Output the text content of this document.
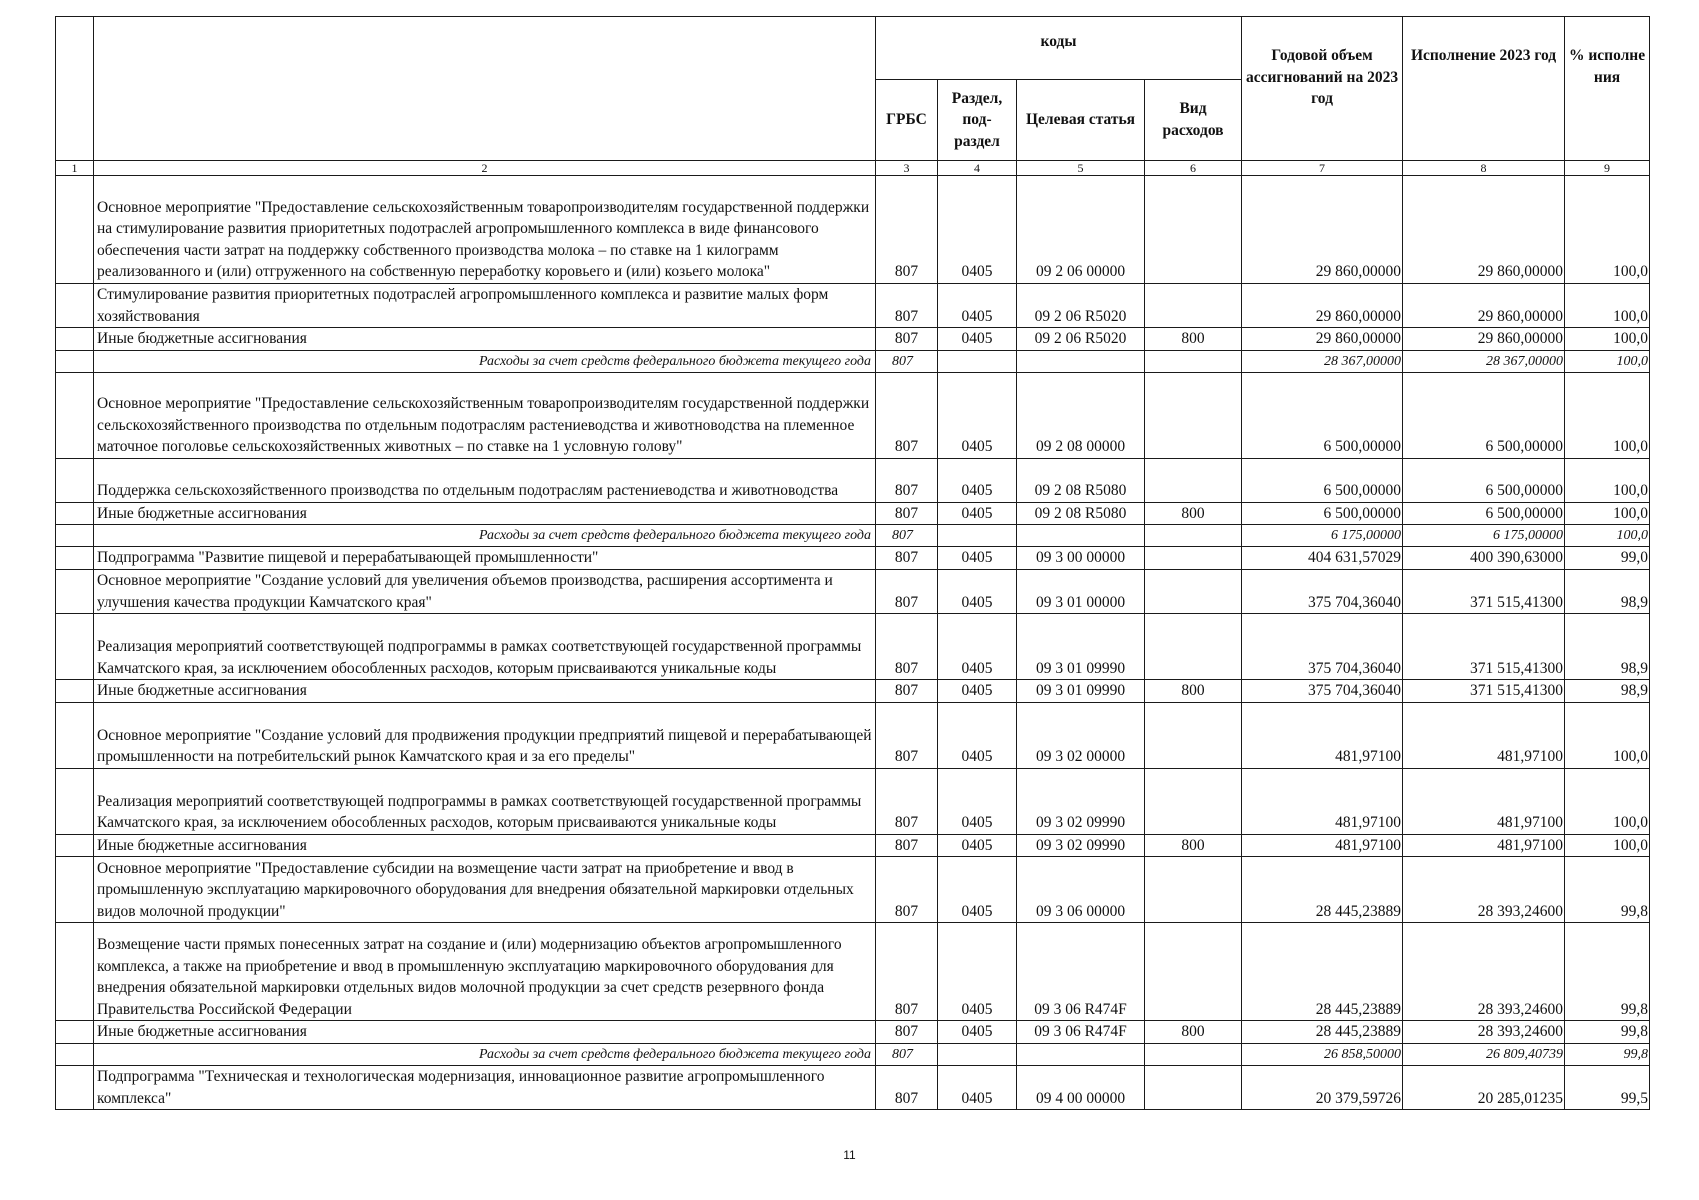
		коды				Годовой объем ассигнований на 2023 год	Исполнение 2023 год	% исполне ния
		ГРБС	Раздел, под-раздел	Целевая статья	Вид расходов			
1	2	3	4	5	6	7	8	9
	Основное мероприятие "Предоставление сельскохозяйственным товаропроизводителям государственной поддержки на стимулирование развития приоритетных подотраслей агропромышленного комплекса в виде финансового обеспечения части затрат на поддержку собственного производства молока – по ставке на 1 килограмм реализованного и (или) отгруженного на собственную переработку коровьего и (или) козьего молока"	807	0405	09 2 06 00000		29 860,00000	29 860,00000	100,0
	Стимулирование развития приоритетных подотраслей агропромышленного комплекса и развитие малых форм хозяйствования	807	0405	09 2 06 R5020		29 860,00000	29 860,00000	100,0
	Иные бюджетные ассигнования	807	0405	09 2 06 R5020	800	29 860,00000	29 860,00000	100,0
	Расходы за счет средств федерального бюджета текущего года	807				28 367,00000	28 367,00000	100,0
	Основное мероприятие "Предоставление сельскохозяйственным товаропроизводителям государственной поддержки сельскохозяйственного производства по отдельным подотраслям растениеводства и животноводства на племенное маточное поголовье сельскохозяйственных животных – по ставке на 1 условную голову"	807	0405	09 2 08 00000		6 500,00000	6 500,00000	100,0
	Поддержка сельскохозяйственного производства по отдельным подотраслям растениеводства и животноводства	807	0405	09 2 08 R5080		6 500,00000	6 500,00000	100,0
	Иные бюджетные ассигнования	807	0405	09 2 08 R5080	800	6 500,00000	6 500,00000	100,0
	Расходы за счет средств федерального бюджета текущего года	807				6 175,00000	6 175,00000	100,0
	Подпрограмма "Развитие пищевой и перерабатывающей промышленности"	807	0405	09 3 00 00000		404 631,57029	400 390,63000	99,0
	Основное мероприятие "Создание условий для увеличения объемов производства, расширения ассортимента и улучшения качества продукции Камчатского края"	807	0405	09 3 01 00000		375 704,36040	371 515,41300	98,9
	Реализация мероприятий соответствующей подпрограммы в рамках соответствующей государственной программы Камчатского края, за исключением обособленных расходов, которым присваиваются уникальные коды	807	0405	09 3 01 09990		375 704,36040	371 515,41300	98,9
	Иные бюджетные ассигнования	807	0405	09 3 01 09990	800	375 704,36040	371 515,41300	98,9
	Основное мероприятие "Создание условий для продвижения продукции предприятий пищевой и перерабатывающей промышленности на потребительский рынок Камчатского края и за его пределы"	807	0405	09 3 02 00000		481,97100	481,97100	100,0
	Реализация мероприятий соответствующей подпрограммы в рамках соответствующей государственной программы Камчатского края, за исключением обособленных расходов, которым присваиваются уникальные коды	807	0405	09 3 02 09990		481,97100	481,97100	100,0
	Иные бюджетные ассигнования	807	0405	09 3 02 09990	800	481,97100	481,97100	100,0
	Основное мероприятие "Предоставление субсидии на возмещение части затрат на приобретение и ввод в промышленную эксплуатацию маркировочного оборудования для внедрения обязательной маркировки отдельных видов молочной продукции"	807	0405	09 3 06 00000		28 445,23889	28 393,24600	99,8
	Возмещение части прямых понесенных затрат на создание и (или) модернизацию объектов агропромышленного комплекса, а также на приобретение и ввод в промышленную эксплуатацию маркировочного оборудования для внедрения обязательной маркировки отдельных видов молочной продукции за счет средств резервного фонда Правительства Российской Федерации	807	0405	09 3 06 R474F		28 445,23889	28 393,24600	99,8
	Иные бюджетные ассигнования	807	0405	09 3 06 R474F	800	28 445,23889	28 393,24600	99,8
	Расходы за счет средств федерального бюджета текущего года	807				26 858,50000	26 809,40739	99,8
	Подпрограмма "Техническая и технологическая модернизация, инновационное развитие агропромышленного комплекса"	807	0405	09 4 00 00000		20 379,59726	20 285,01235	99,5
11
